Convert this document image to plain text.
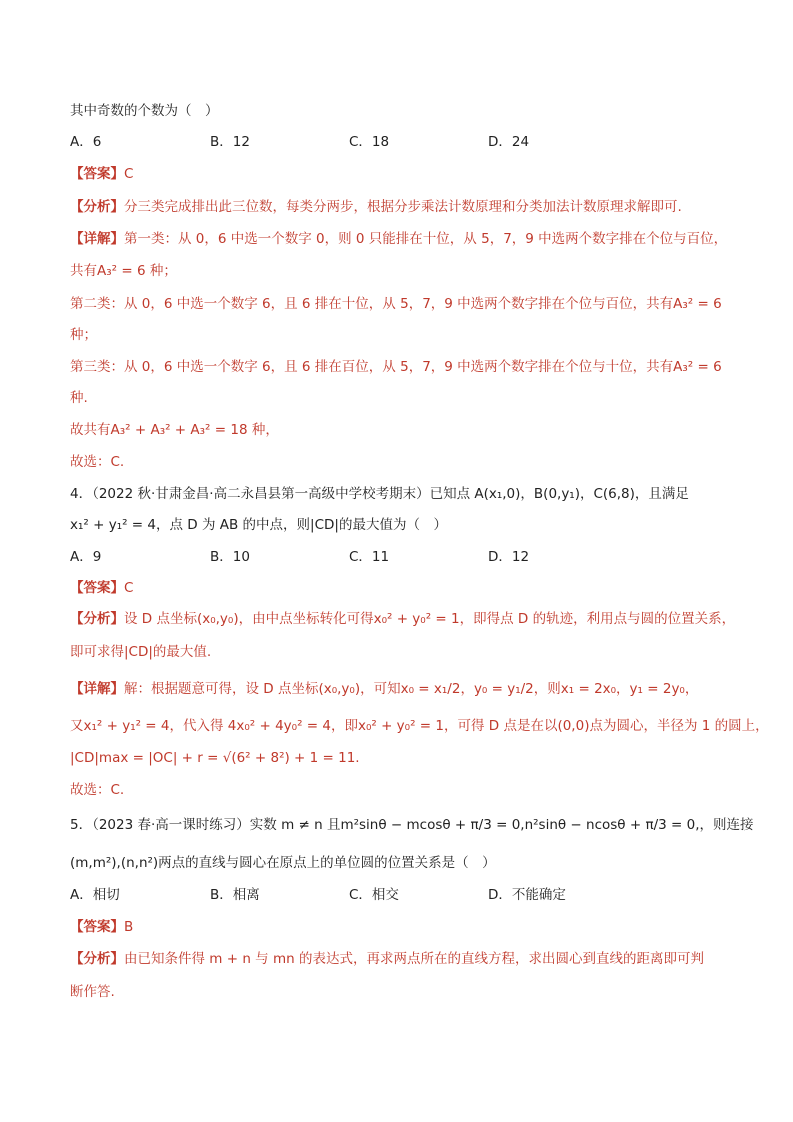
其中奇数的个数为（　）
A．6	B．12	C．18	D．24
【答案】C
【分析】分三类完成排出此三位数，每类分两步，根据分步乘法计数原理和分类加法计数原理求解即可.
【详解】第一类：从 0，6 中选一个数字 0，则 0 只能排在十位，从 5，7，9 中选两个数字排在个位与百位，
共有A₃² = 6 种；
第二类：从 0，6 中选一个数字 6，且 6 排在十位，从 5，7，9 中选两个数字排在个位与百位，共有A₃² = 6
种；
第三类：从 0，6 中选一个数字 6，且 6 排在百位，从 5，7，9 中选两个数字排在个位与十位，共有A₃² = 6
种.
故共有A₃² + A₃² + A₃² = 18 种，
故选：C.
4．（2022 秋·甘肃金昌·高二永昌县第一高级中学校考期末）已知点 A(x₁,0)，B(0,y₁)，C(6,8)，且满足
x₁² + y₁² = 4，点 D 为 AB 的中点，则|CD|的最大值为（　）
A．9	B．10	C．11	D．12
【答案】C
【分析】设 D 点坐标(x₀,y₀)，由中点坐标转化可得x₀² + y₀² = 1，即得点 D 的轨迹，利用点与圆的位置关系，
即可求得|CD|的最大值.
【详解】解：根据题意可得，设 D 点坐标(x₀,y₀)，可知x₀ = x₁/2，y₀ = y₁/2，则x₁ = 2x₀，y₁ = 2y₀，
又x₁² + y₁² = 4，代入得 4x₀² + 4y₀² = 4，即x₀² + y₀² = 1，可得 D 点是在以(0,0)点为圆心，半径为 1 的圆上，
|CD|max = |OC| + r = √(6² + 8²) + 1 = 11.
故选：C.
5．（2023 春·高一课时练习）实数 m ≠ n 且m²sinθ − mcosθ + π/3 = 0,n²sinθ − ncosθ + π/3 = 0,，则连接
(m,m²),(n,n²)两点的直线与圆心在原点上的单位圆的位置关系是（　）
A．相切	B．相离	C．相交	D．不能确定
【答案】B
【分析】由已知条件得 m + n 与 mn 的表达式，再求两点所在的直线方程，求出圆心到直线的距离即可判
断作答.
